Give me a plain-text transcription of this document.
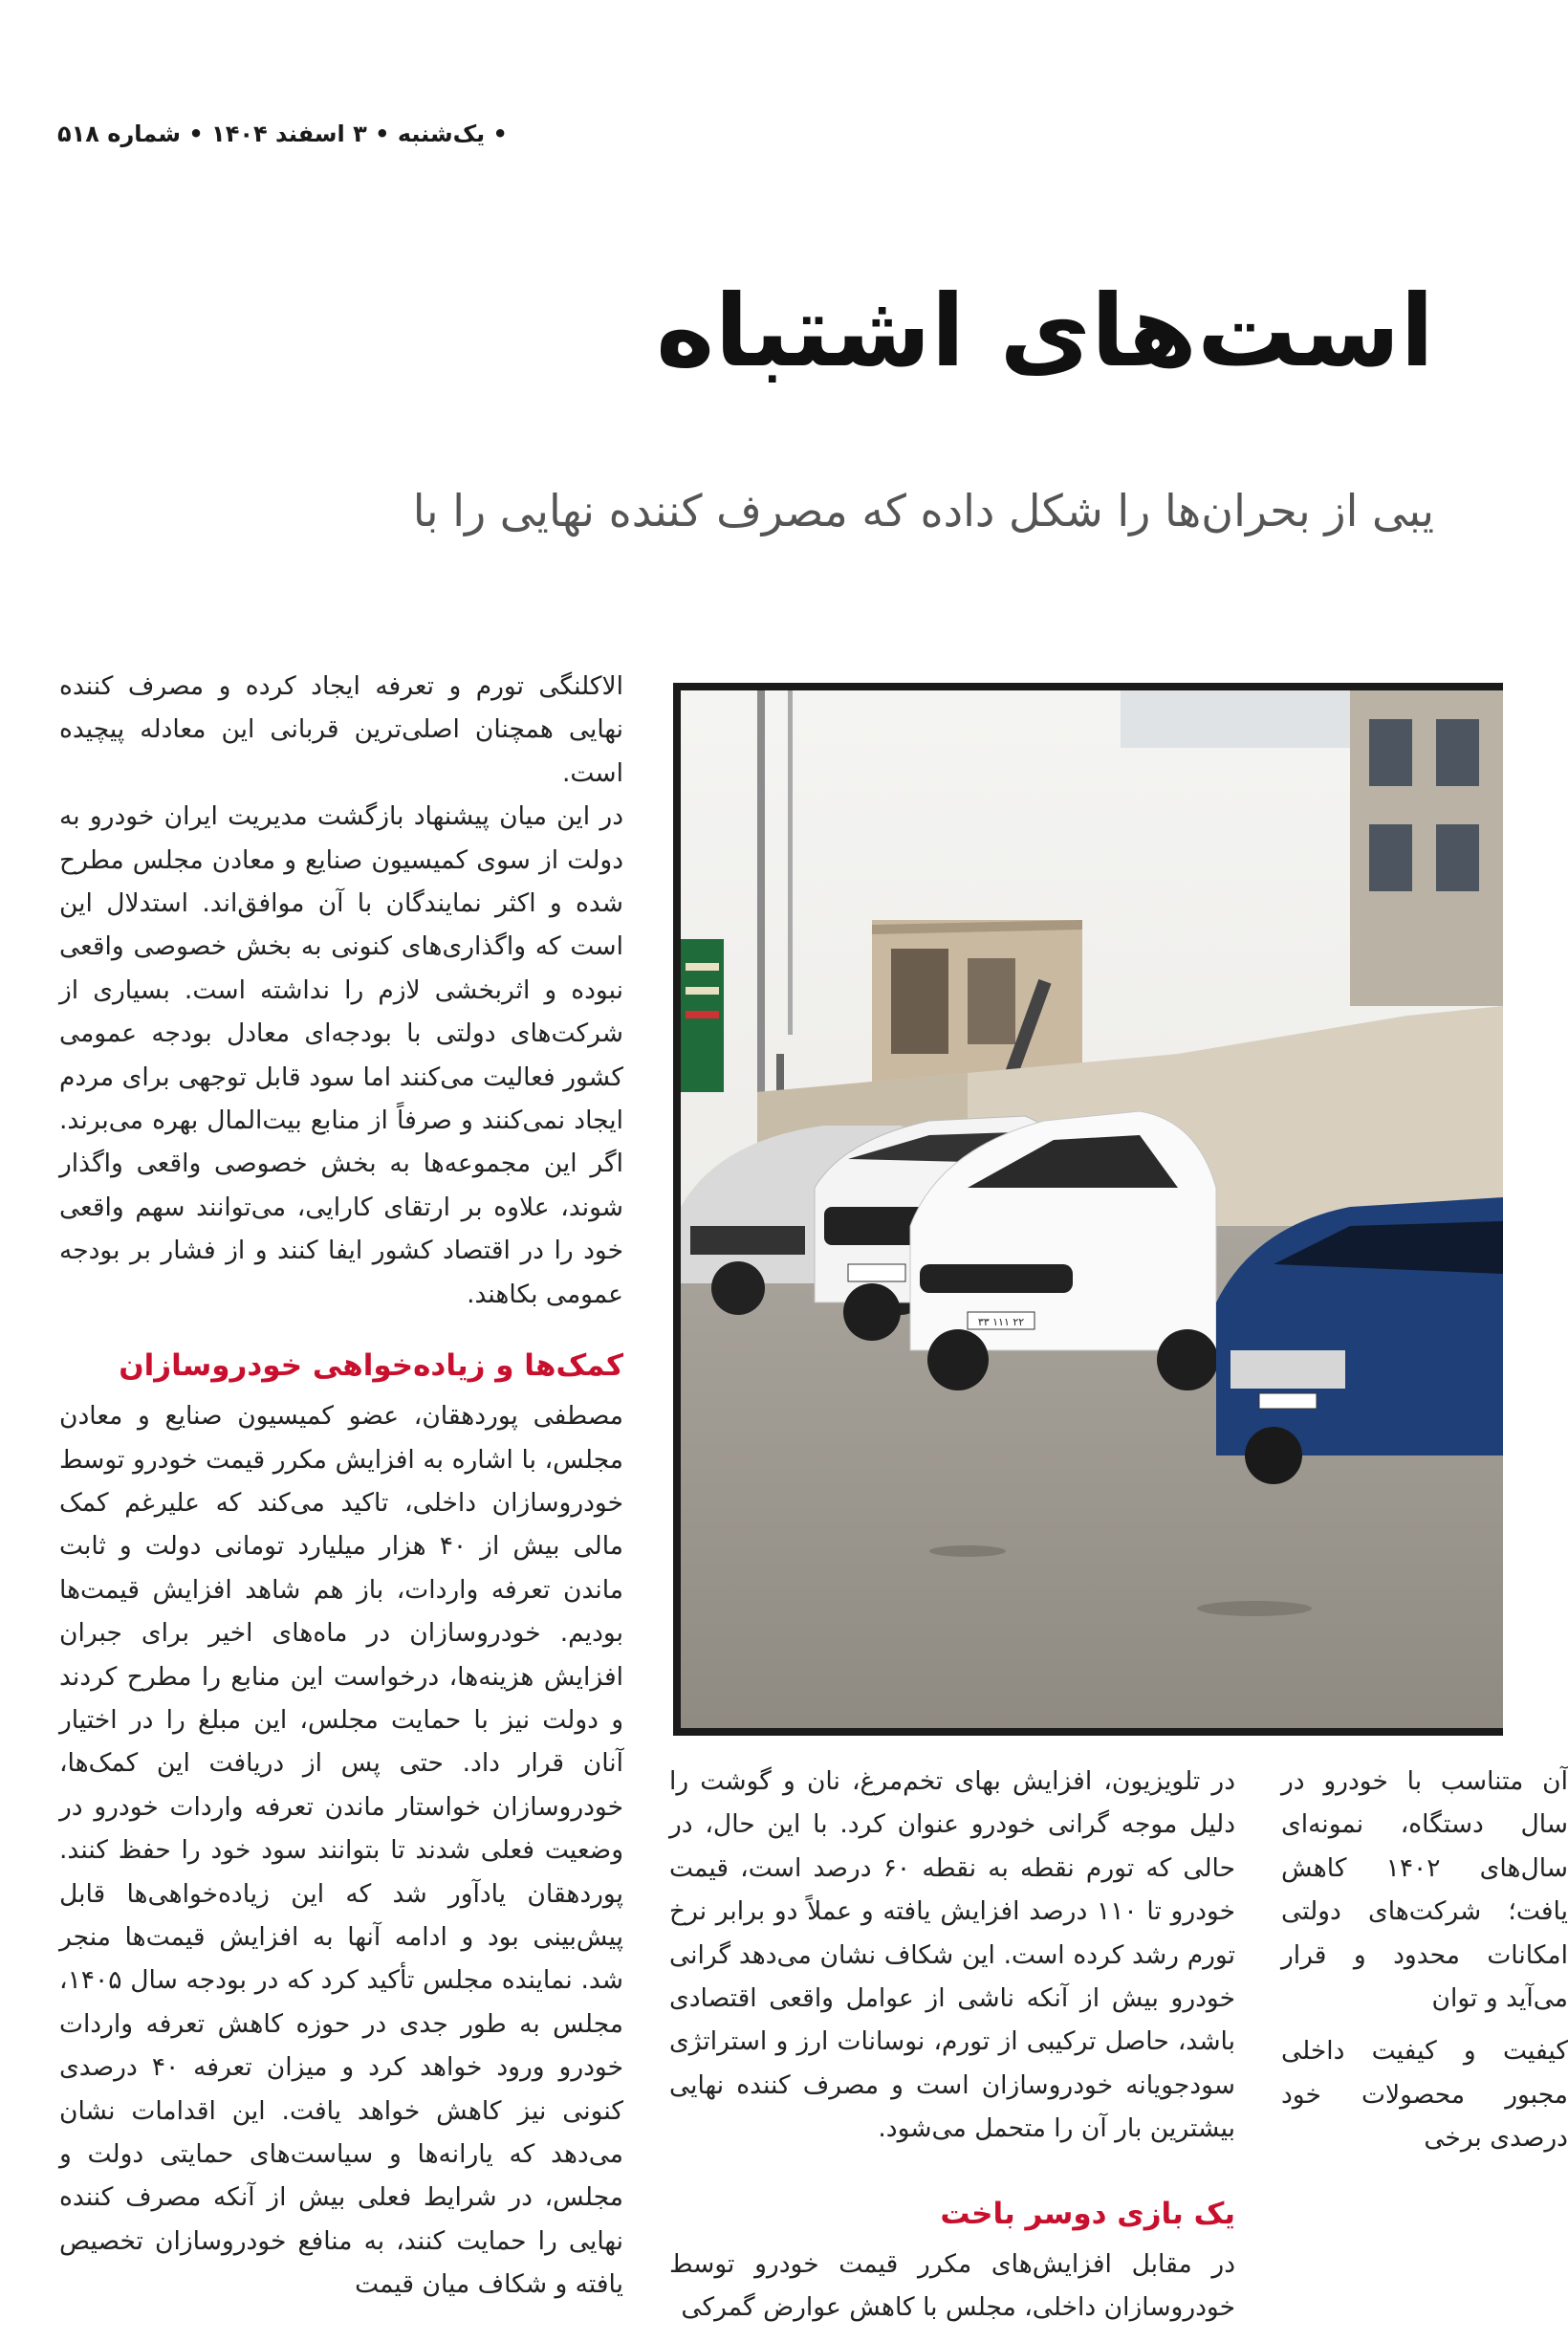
• یک‌شنبه • ۳ اسفند ۱۴۰۴ • شماره ۵۱۸
است‌های اشتباه
یبی از بحران‌ها را شکل داده که مصرف کننده نهایی را با

الاکلنگی تورم و تعرفه ایجاد کرده و مصرف کننده نهایی همچنان اصلی‌ترین قربانی این معادله پیچیده است.

در این میان پیشنهاد بازگشت مدیریت ایران خودرو به دولت از سوی کمیسیون صنایع و معادن مجلس مطرح شده و اکثر نمایندگان با آن موافق‌اند. استدلال این است که واگذاری‌های کنونی به بخش خصوصی واقعی نبوده و اثربخشی لازم را نداشته است. بسیاری از شرکت‌های دولتی با بودجه‌ای معادل بودجه عمومی کشور فعالیت می‌کنند اما سود قابل توجهی برای مردم ایجاد نمی‌کنند و صرفاً از منابع بیت‌المال بهره می‌برند. اگر این مجموعه‌ها به بخش خصوصی واقعی واگذار شوند، علاوه بر ارتقای کارایی، می‌توانند سهم واقعی خود را در اقتصاد کشور ایفا کنند و از فشار بر بودجه عمومی بکاهند.

کمک‌ها و زیاده‌خواهی خودروسازان

مصطفی پوردهقان، عضو کمیسیون صنایع و معادن مجلس، با اشاره به افزایش مکرر قیمت خودرو توسط خودروسازان داخلی، تاکید می‌کند که علیرغم کمک مالی بیش از ۴۰ هزار میلیارد تومانی دولت و ثابت ماندن تعرفه واردات، باز هم شاهد افزایش قیمت‌ها بودیم. خودروسازان در ماه‌های اخیر برای جبران افزایش هزینه‌ها، درخواست این منابع را مطرح کردند و دولت نیز با حمایت مجلس، این مبلغ را در اختیار آنان قرار داد. حتی پس از دریافت این کمک‌ها، خودروسازان خواستار ماندن تعرفه واردات خودرو در وضعیت فعلی شدند تا بتوانند سود خود را حفظ کنند. پوردهقان یادآور شد که این زیاده‌خواهی‌ها قابل پیش‌بینی بود و ادامه آنها به افزایش قیمت‌ها منجر شد. نماینده مجلس تأکید کرد که در بودجه سال ۱۴۰۵، مجلس به طور جدی در حوزه کاهش تعرفه واردات خودرو ورود خواهد کرد و میزان تعرفه ۴۰ درصدی کنونی نیز کاهش خواهد یافت. این اقدامات نشان می‌دهد که یارانه‌ها و سیاست‌های حمایتی دولت و مجلس، در شرایط فعلی بیش از آنکه مصرف کننده نهایی را حمایت کنند، به منافع خودروسازان تخصیص یافته و شکاف میان قیمت

۳۳ ۱۱۱ ۲۲

در تلویزیون، افزایش بهای تخم‌مرغ، نان و گوشت را دلیل موجه گرانی خودرو عنوان کرد. با این حال، در حالی که تورم نقطه به نقطه ۶۰ درصد است، قیمت خودرو تا ۱۱۰ درصد افزایش یافته و عملاً دو برابر نرخ تورم رشد کرده است. این شکاف نشان می‌دهد گرانی خودرو بیش از آنکه ناشی از عوامل واقعی اقتصادی باشد، حاصل ترکیبی از تورم، نوسانات ارز و استراتژی سودجویانه خودروسازان است و مصرف کننده نهایی بیشترین بار آن را متحمل می‌شود.

یک بازی دوسر باخت

در مقابل افزایش‌های مکرر قیمت خودرو توسط خودروسازان داخلی، مجلس با کاهش عوارض گمرکی

آن متناسب با خودرو در سال دستگاه، نمونه‌ای سال‌های ۱۴۰۲ کاهش یافت؛ شرکت‌های دولتی امکانات محدود و قرار می‌آید و توان

کیفیت و کیفیت داخلی مجبور محصولات خود درصدی برخی
